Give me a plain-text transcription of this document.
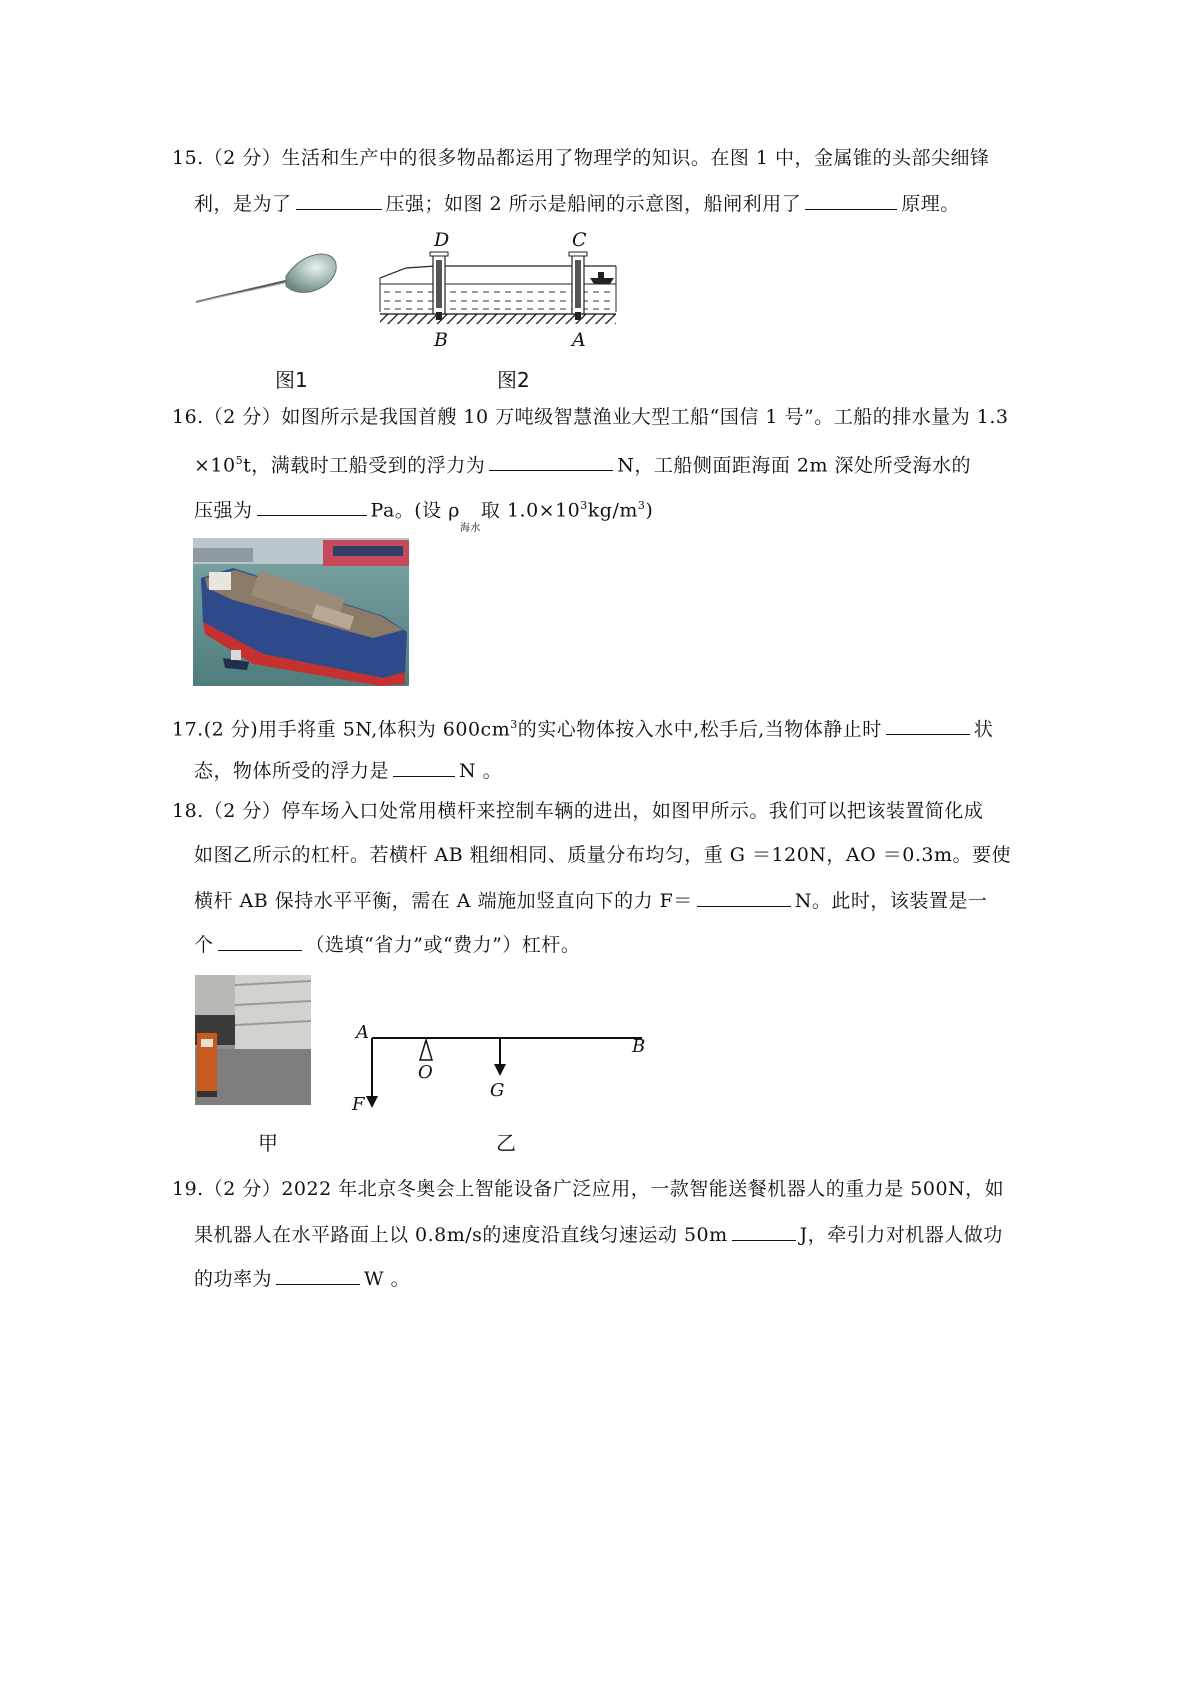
15.（2 分）生活和生产中的很多物品都运用了物理学的知识。在图 1 中，金属锥的头部尖细锋
利，是为了	压强；如图 2 所示是船闸的示意图，船闸利用了	原理。
图1
D	C
B	A
图2
16.（2 分）如图所示是我国首艘 10 万吨级智慧渔业大型工船“国信 1 号”。工船的排水量为 1.3
$\times 10^5t$，满载时工船受到的浮力为	N，工船侧面距海面 2m 深处所受海水的
压强为	Pa。(设 $\rho_{海水}$取 $1.0\times 10^3kg/m^3$)
17.(2 分)用手将重 5N,体积为 $600cm^3$的实心物体按入水中,松手后,当物体静止时	状
态，物体所受的浮力是	N 。
18.（2 分）停车场入口处常用横杆来控制车辆的进出，如图甲所示。我们可以把该装置简化成
如图乙所示的杠杆。若横杆 AB 粗细相同、质量分布均匀，重 G ＝120N，AO ＝0.3m。要使
横杆 AB 保持水平平衡，需在 A 端施加竖直向下的力 F＝	N。此时，该装置是一
个	（选填“省力”或“费力”）杠杆。
甲
A
B
O
G
F
乙
19.（2 分）2022 年北京冬奥会上智能设备广泛应用，一款智能送餐机器人的重力是 500N，如
果机器人在水平路面上以 0.8m/s的速度沿直线匀速运动 50m	J，牵引力对机器人做功
的功率为	W 。
